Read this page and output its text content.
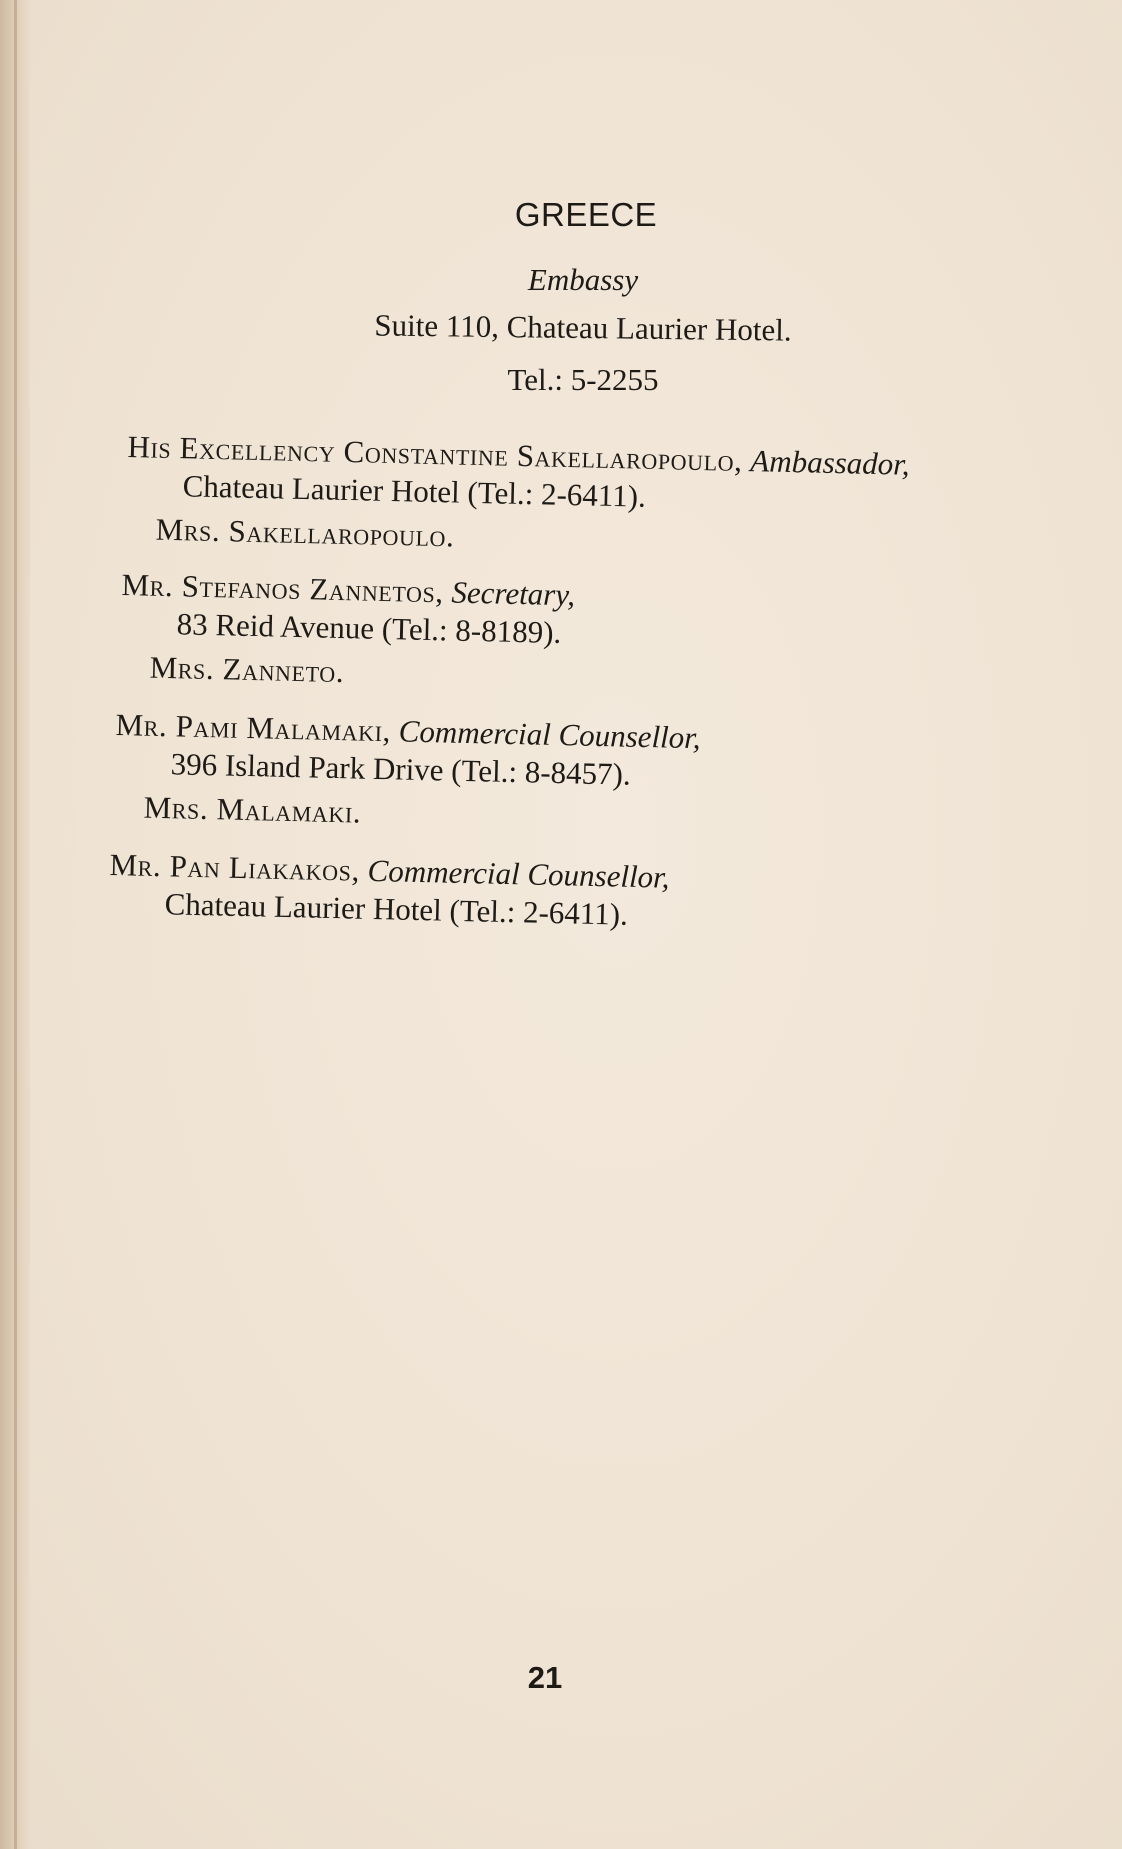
GREECE
Embassy
Suite 110, Chateau Laurier Hotel.
Tel.: 5-2255
His Excellency Constantine Sakellaropoulo, Ambassador,
Chateau Laurier Hotel (Tel.: 2-6411).
Mrs. Sakellaropoulo.
Mr. Stefanos Zannetos, Secretary,
83 Reid Avenue (Tel.: 8-8189).
Mrs. Zanneto.
Mr. Pami Malamaki, Commercial Counsellor,
396 Island Park Drive (Tel.: 8-8457).
Mrs. Malamaki.
Mr. Pan Liakakos, Commercial Counsellor,
Chateau Laurier Hotel (Tel.: 2-6411).
21
